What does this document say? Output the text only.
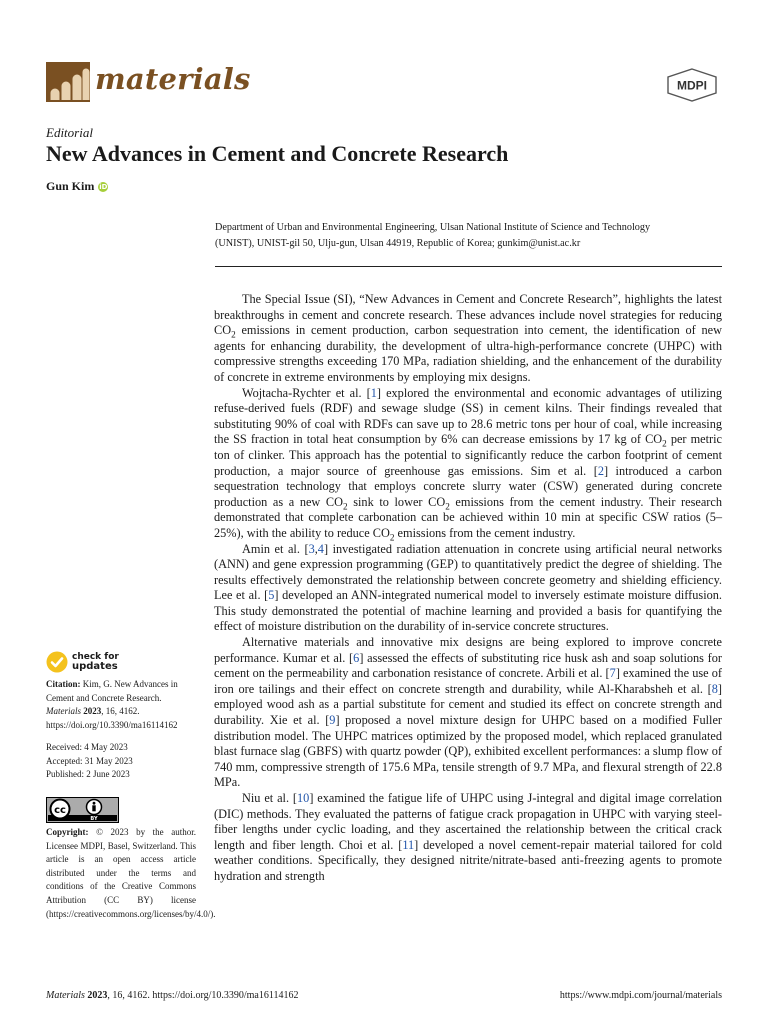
materials	MDPI
Editorial
New Advances in Cement and Concrete Research
Gun Kim iD
Department of Urban and Environmental Engineering, Ulsan National Institute of Science and Technology (UNIST), UNIST-gil 50, Ulju-gun, Ulsan 44919, Republic of Korea; gunkim@unist.ac.kr

The Special Issue (SI), “New Advances in Cement and Concrete Research”, highlights the latest breakthroughs in cement and concrete research. These advances include novel strategies for reducing $CO_2$ emissions in cement production, carbon sequestration into cement, the identification of new agents for enhancing durability, the development of ultra-high-performance concrete (UHPC) with compressive strengths exceeding 170 MPa, radiation shielding, and the enhancement of the durability of concrete in extreme environments by employing mix designs.

Wojtacha-Rychter et al. [1] explored the environmental and economic advantages of utilizing refuse-derived fuels (RDF) and sewage sludge (SS) in cement kilns. Their findings revealed that substituting 90% of coal with RDFs can save up to 28.6 metric tons per hour of coal, while increasing the SS fraction in total heat consumption by 6% can decrease emissions by 17 kg of $CO_2$ per metric ton of clinker. This approach has the potential to significantly reduce the carbon footprint of cement production, a major source of greenhouse gas emissions. Sim et al. [2] introduced a carbon sequestration technology that employs concrete slurry water (CSW) generated during concrete production as a new $CO_2$ sink to lower $CO_2$ emissions from the cement industry. Their research demonstrated that complete carbonation can be achieved within 10 min at specific CSW ratios (5–25%), with the ability to reduce $CO_2$ emissions from the cement industry.

Amin et al. [3,4] investigated radiation attenuation in concrete using artificial neural networks (ANN) and gene expression programming (GEP) to quantitatively predict the degree of shielding. The results effectively demonstrated the relationship between concrete geometry and shielding efficiency. Lee et al. [5] developed an ANN-integrated numerical model to inversely estimate moisture diffusion. This study demonstrated the potential of machine learning and provided a basis for quantifying the effect of moisture distribution on the durability of in-service concrete structures.

Alternative materials and innovative mix designs are being explored to improve concrete performance. Kumar et al. [6] assessed the effects of substituting rice husk ash and soap solutions for cement on the permeability and carbonation resistance of concrete. Arbili et al. [7] examined the use of iron ore tailings and their effect on concrete strength and durability, while Al-Kharabsheh et al. [8] employed wood ash as a partial substitute for cement and studied its effect on concrete strength and durability. Xie et al. [9] proposed a novel mixture design for UHPC based on a modified Fuller distribution model. The UHPC matrices optimized by the proposed model, which replaced granulated blast furnace slag (GBFS) with quartz powder (QP), exhibited excellent performances: a slump flow of 740 mm, compressive strength of 175.6 MPa, tensile strength of 9.7 MPa, and flexural strength of 22.8 MPa.

Niu et al. [10] examined the fatigue life of UHPC using J-integral and digital image correlation (DIC) methods. They evaluated the patterns of fatigue crack propagation in UHPC with varying steel-fiber lengths under cyclic loading, and they ascertained the relationship between the critical crack length and fiber length. Choi et al. [11] developed a novel cement-repair material tailored for cold weather conditions. Specifically, they designed nitrite/nitrate-based anti-freezing agents to promote hydration and strength

check for
updates
Citation: Kim, G. New Advances in Cement and Concrete Research. Materials 2023, 16, 4162. https://doi.org/10.3390/ma16114162
Received: 4 May 2023
Accepted: 31 May 2023
Published: 2 June 2023
cc
BY
Copyright: © 2023 by the author. Licensee MDPI, Basel, Switzerland. This article is an open access article distributed under the terms and conditions of the Creative Commons Attribution (CC BY) license (https://creativecommons.org/licenses/by/4.0/).
Materials 2023, 16, 4162. https://doi.org/10.3390/ma16114162	https://www.mdpi.com/journal/materials
